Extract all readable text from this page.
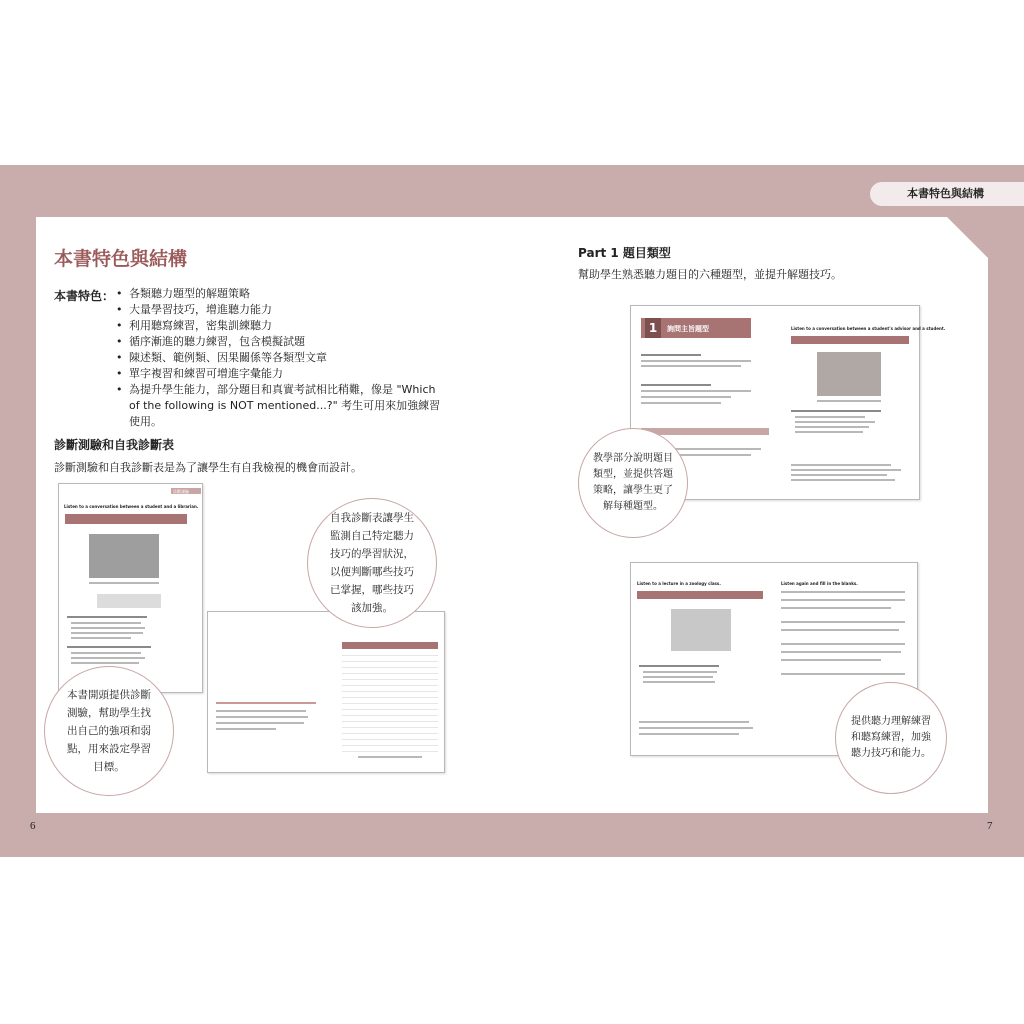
本書特色與結構
本書特色與結構
本書特色：
•	各類聽力題型的解題策略
• 大量學習技巧，增進聽力能力
• 利用聽寫練習，密集訓練聽力
• 循序漸進的聽力練習，包含模擬試題
• 陳述類、範例類、因果關係等各類型文章
• 單字複習和練習可增進字彙能力
• 為提升學生能力，部分題目和真實考試相比稍難，像是 "Which of the following is NOT mentioned...?" 考生可用來加強練習使用。
診斷測驗和自我診斷表
診斷測驗和自我診斷表是為了讓學生有自我檢視的機會而設計。
診斷測驗
Listen to a conversation between a student and a librarian.
自我診斷表讓學生監測自己特定聽力技巧的學習狀況，以便判斷哪些技巧已掌握，哪些技巧該加強。
本書開頭提供診斷測驗，幫助學生找出自己的強項和弱點，用來設定學習目標。
6
Part 1 題目類型
幫助學生熟悉聽力題目的六種題型，並提升解題技巧。
1	詢問主旨題型	Listen to a conversation between a student's advisor and a student.
Listen to a lecture in a zoology class.	Listen again and fill in the blanks.
教學部分說明題目類型，並提供答題策略，讓學生更了解每種題型。
提供聽力理解練習和聽寫練習，加強聽力技巧和能力。
7
